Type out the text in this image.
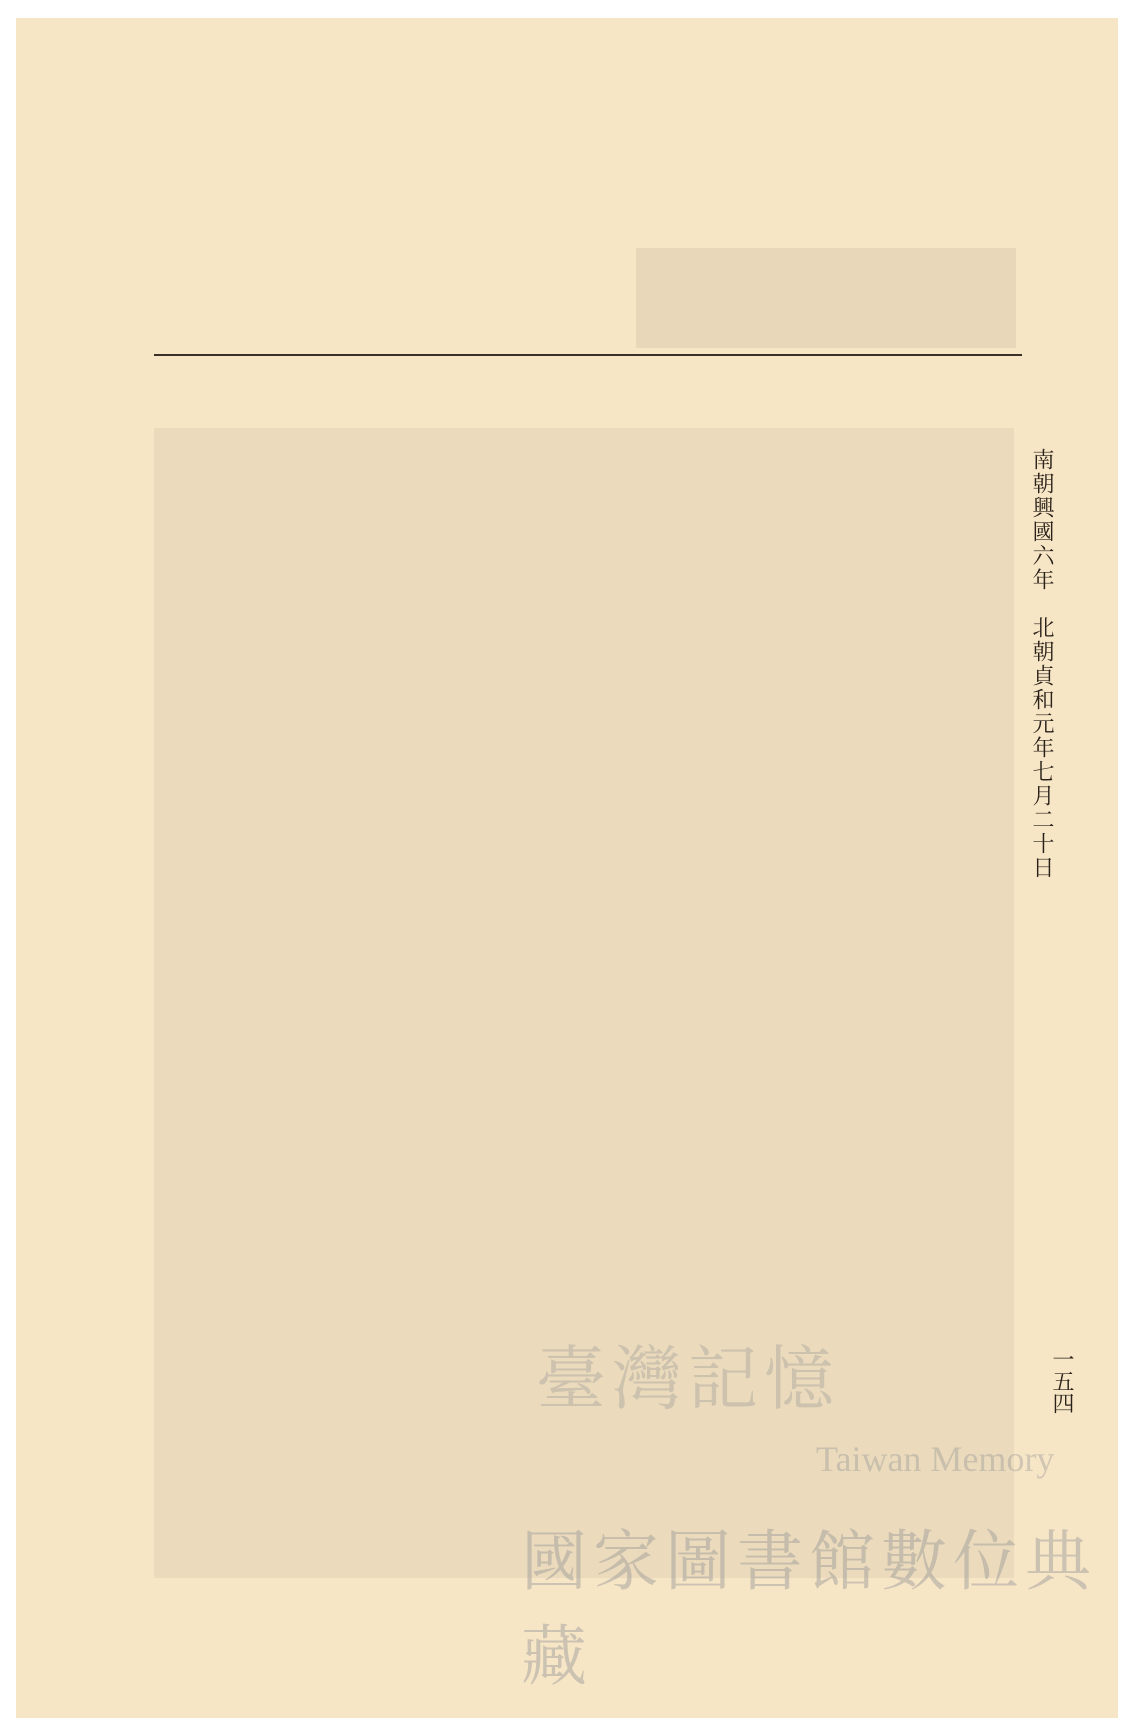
南朝興國六年　北朝貞和元年七月二十日
一五四
臺灣記憶
Taiwan Memory
國家圖書館數位典藏
